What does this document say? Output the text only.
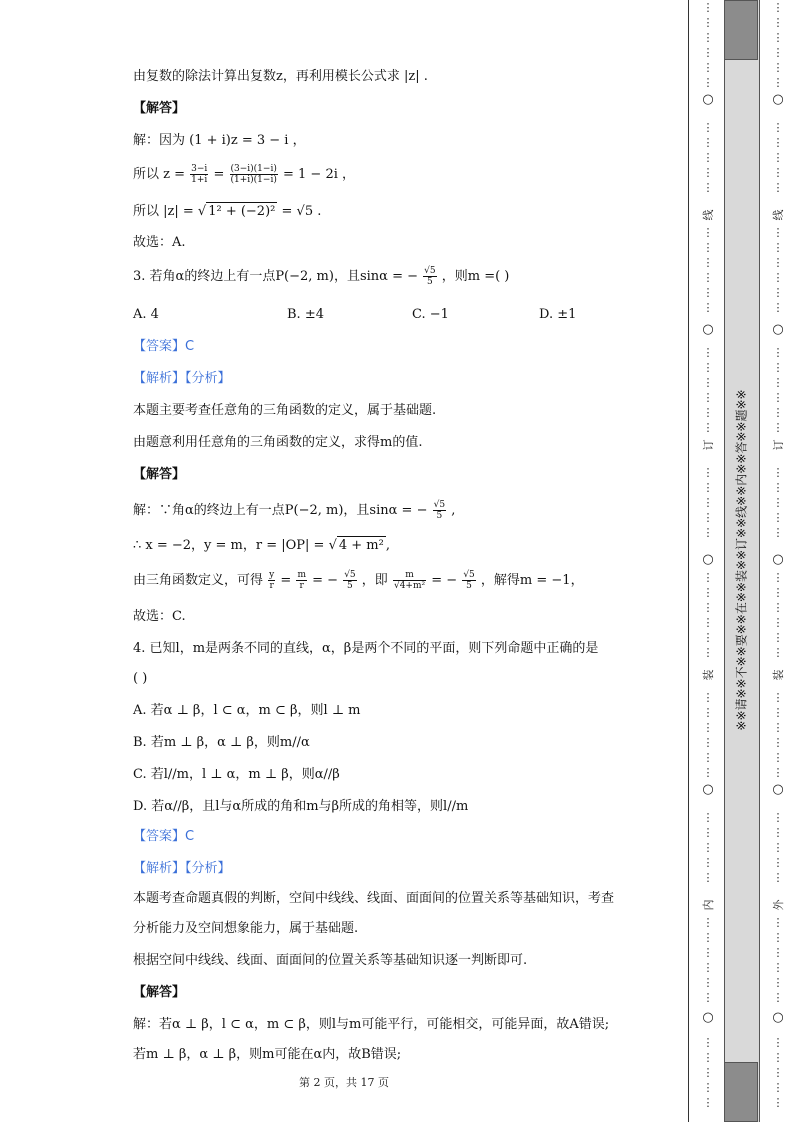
由复数的除法计算出复数z，再利用模长公式求 |z| .
【解答】
解：因为 (1 + i)z = 3 − i ，
所以 $z = \frac{3-i}{1+i} = \frac{(3-i)(1-i)}{(1+i)(1-i)} = 1 - 2i$ ，
所以 |z| = √ 1² + (−2)² = √5 .
故选：A.
3. 若角α的终边上有一点P(−2, m)，且sinα = − $\frac{√5}{5}$ ，则m =( )
A. 4	B. ±4	C. −1	D. ±1
【答案】C
【解析】【分析】
本题主要考查任意角的三角函数的定义，属于基础题.
由题意利用任意角的三角函数的定义，求得m的值.
【解答】
解：∵角α的终边上有一点P(−2, m)，且sinα = − $\frac{√5}{5}$ ,
∴ x = −2，y = m，r = |OP| = √ 4 + m² ,
由三角函数定义，可得 $\frac{y}{r} = \frac{m}{r}$ = − $\frac{√5}{5}$ ，即 $\frac{m}{\text{√4+m²}}$ = − $\frac{√5}{5}$ ，解得m = −1，
故选：C.
4. 已知l，m是两条不同的直线，α，β是两个不同的平面，则下列命题中正确的是
( )
A. 若α ⊥ β，l ⊂ α，m ⊂ β，则l ⊥ m
B. 若m ⊥ β，α ⊥ β，则m//α
C. 若l//m，l ⊥ α，m ⊥ β，则α//β
D. 若α//β，且l与α所成的角和m与β所成的角相等，则l//m
【答案】C
【解析】【分析】
本题考查命题真假的判断，空间中线线、线面、面面间的位置关系等基础知识，考查
分析能力及空间想象能力，属于基础题.
根据空间中线线、线面、面面间的位置关系等基础知识逐一判断即可.
【解答】
解：若α ⊥ β，l ⊂ α，m ⊂ β，则l与m可能平行，可能相交，可能异面，故A错误;
若m ⊥ β，α ⊥ β，则m可能在α内，故B错误;
第 2 页，共 17 页
※※请※※不※※要※※在※※装※※订※※线※※内※※答※※题※※
⋮
⋮
⋮
⋮
⋮
⋮
⋮
⋮
⋮
⋮
⋮
⋮
⋮
⋮
⋮
⋮
⋮
⋮
⋮
⋮
⋮
⋮
⋮
⋮
⋮
⋮
⋮
⋮
⋮
⋮
⋮
⋮
⋮
⋮
⋮
⋮
⋮
⋮
⋮
⋮
⋮
⋮
⋮
⋮
⋮
⋮
⋮
⋮
⋮
⋮
⋮
⋮
⋮
⋮
⋮
⋮
○
线
○
订
○
装
○
内
○
⋮
⋮
⋮
⋮
⋮
⋮
⋮
⋮
⋮
⋮
⋮
⋮
⋮
⋮
⋮
⋮
⋮
⋮
⋮
⋮
⋮
⋮
⋮
⋮
⋮
⋮
⋮
⋮
⋮
⋮
⋮
⋮
⋮
⋮
⋮
⋮
⋮
⋮
⋮
⋮
⋮
⋮
⋮
⋮
⋮
⋮
⋮
⋮
⋮
⋮
⋮
⋮
⋮
⋮
⋮
⋮
○
线
○
订
○
装
○
外
○
